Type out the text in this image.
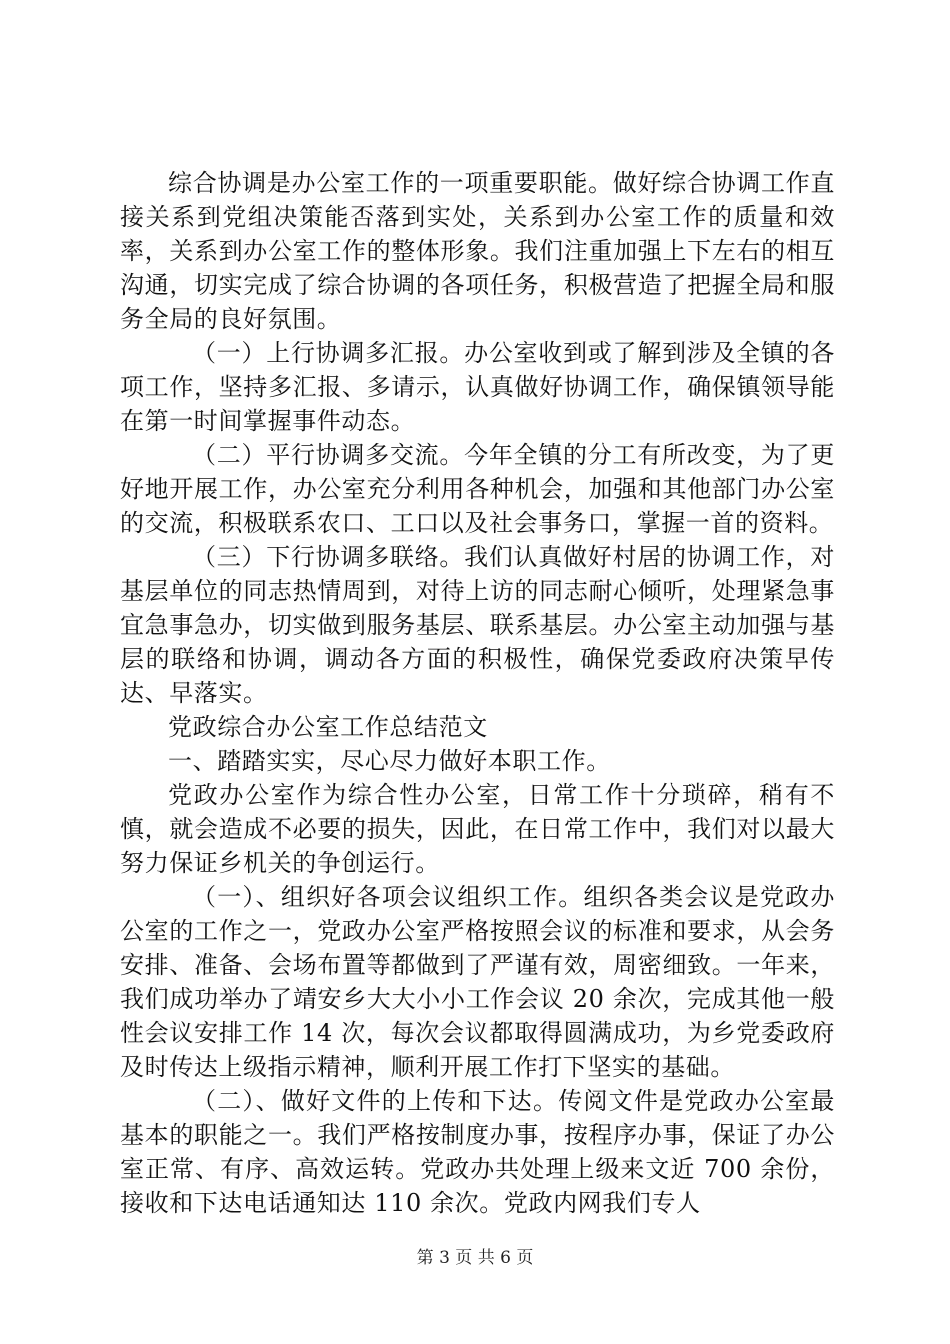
综合协调是办公室工作的一项重要职能。做好综合协调工作直接关系到党组决策能否落到实处，关系到办公室工作的质量和效率，关系到办公室工作的整体形象。我们注重加强上下左右的相互沟通，切实完成了综合协调的各项任务，积极营造了把握全局和服务全局的良好氛围。

（一）上行协调多汇报。办公室收到或了解到涉及全镇的各项工作，坚持多汇报、多请示，认真做好协调工作，确保镇领导能在第一时间掌握事件动态。

（二）平行协调多交流。今年全镇的分工有所改变，为了更好地开展工作，办公室充分利用各种机会，加强和其他部门办公室的交流，积极联系农口、工口以及社会事务口，掌握一首的资料。

（三）下行协调多联络。我们认真做好村居的协调工作，对基层单位的同志热情周到，对待上访的同志耐心倾听，处理紧急事宜急事急办，切实做到服务基层、联系基层。办公室主动加强与基层的联络和协调，调动各方面的积极性，确保党委政府决策早传达、早落实。

党政综合办公室工作总结范文

一、踏踏实实，尽心尽力做好本职工作。

党政办公室作为综合性办公室，日常工作十分琐碎，稍有不慎，就会造成不必要的损失，因此，在日常工作中，我们对以最大努力保证乡机关的争创运行。

（一）、组织好各项会议组织工作。组织各类会议是党政办公室的工作之一，党政办公室严格按照会议的标准和要求，从会务安排、准备、会场布置等都做到了严谨有效，周密细致。一年来，我们成功举办了靖安乡大大小小工作会议 20 余次，完成其他一般性会议安排工作 14 次，每次会议都取得圆满成功，为乡党委政府及时传达上级指示精神，顺利开展工作打下坚实的基础。

（二）、做好文件的上传和下达。传阅文件是党政办公室最基本的职能之一。我们严格按制度办事，按程序办事，保证了办公室正常、有序、高效运转。党政办共处理上级来文近 700 余份，接收和下达电话通知达 110 余次。党政内网我们专人

第 3 页 共 6 页
